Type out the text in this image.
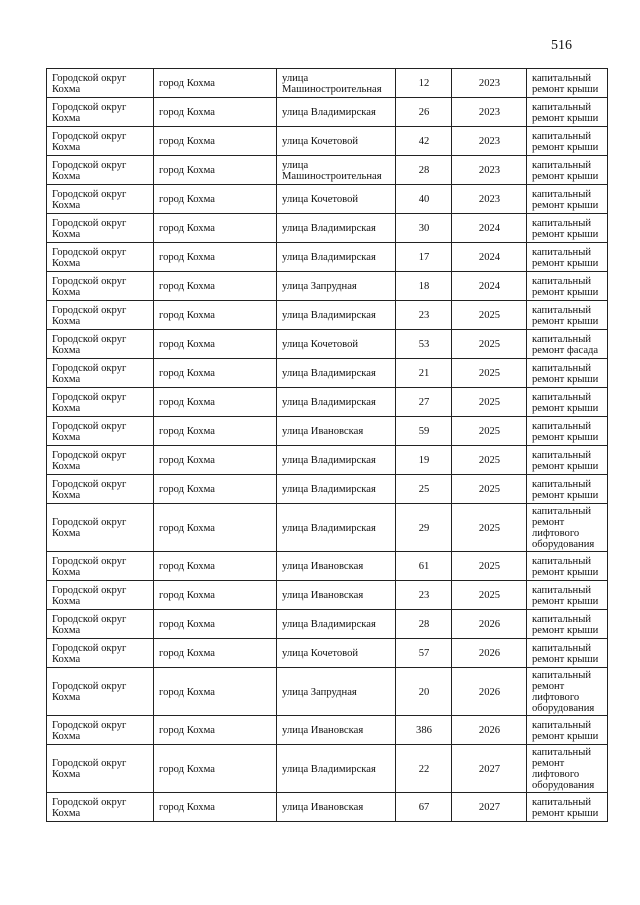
516
Городской округ Кохма	город Кохма	улица Машиностроительная	12	2023	капитальный ремонт крыши
Городской округ Кохма	город Кохма	улица Владимирская	26	2023	капитальный ремонт крыши
Городской округ Кохма	город Кохма	улица Кочетовой	42	2023	капитальный ремонт крыши
Городской округ Кохма	город Кохма	улица Машиностроительная	28	2023	капитальный ремонт крыши
Городской округ Кохма	город Кохма	улица Кочетовой	40	2023	капитальный ремонт крыши
Городской округ Кохма	город Кохма	улица Владимирская	30	2024	капитальный ремонт крыши
Городской округ Кохма	город Кохма	улица Владимирская	17	2024	капитальный ремонт крыши
Городской округ Кохма	город Кохма	улица Запрудная	18	2024	капитальный ремонт крыши
Городской округ Кохма	город Кохма	улица Владимирская	23	2025	капитальный ремонт крыши
Городской округ Кохма	город Кохма	улица Кочетовой	53	2025	капитальный ремонт фасада
Городской округ Кохма	город Кохма	улица Владимирская	21	2025	капитальный ремонт крыши
Городской округ Кохма	город Кохма	улица Владимирская	27	2025	капитальный ремонт крыши
Городской округ Кохма	город Кохма	улица Ивановская	59	2025	капитальный ремонт крыши
Городской округ Кохма	город Кохма	улица Владимирская	19	2025	капитальный ремонт крыши
Городской округ Кохма	город Кохма	улица Владимирская	25	2025	капитальный ремонт крыши
Городской округ Кохма	город Кохма	улица Владимирская	29	2025	капитальный ремонт лифтового оборудования
Городской округ Кохма	город Кохма	улица Ивановская	61	2025	капитальный ремонт крыши
Городской округ Кохма	город Кохма	улица Ивановская	23	2025	капитальный ремонт крыши
Городской округ Кохма	город Кохма	улица Владимирская	28	2026	капитальный ремонт крыши
Городской округ Кохма	город Кохма	улица Кочетовой	57	2026	капитальный ремонт крыши
Городской округ Кохма	город Кохма	улица Запрудная	20	2026	капитальный ремонт лифтового оборудования
Городской округ Кохма	город Кохма	улица Ивановская	386	2026	капитальный ремонт крыши
Городской округ Кохма	город Кохма	улица Владимирская	22	2027	капитальный ремонт лифтового оборудования
Городской округ Кохма	город Кохма	улица Ивановская	67	2027	капитальный ремонт крыши
